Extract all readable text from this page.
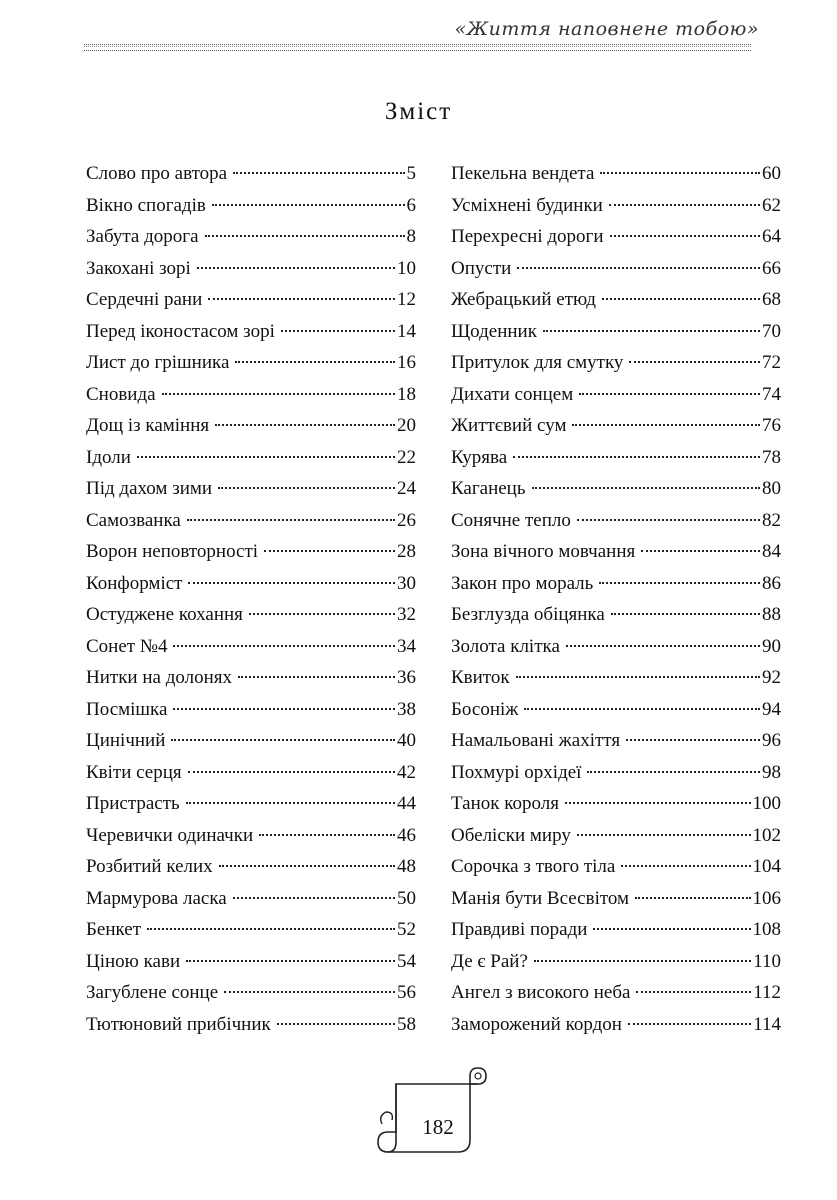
«Життя наповнене тобою»
Зміст
Слово про автора	5
Вікно спогадів	6
Забута дорога	8
Закохані зорі	10
Сердечні рани	12
Перед іконостасом зорі	14
Лист до грішника	16
Сновида	18
Дощ із каміння	20
Ідоли	22
Під дахом зими	24
Самозванка	26
Ворон неповторності	28
Конформіст	30
Остуджене кохання	32
Сонет №4	34
Нитки на долонях	36
Посмішка	38
Цинічний	40
Квіти серця	42
Пристрасть	44
Черевички одиначки	46
Розбитий келих	48
Мармурова ласка	50
Бенкет	52
Ціною кави	54
Загублене сонце	56
Тютюновий прибічник	58
Пекельна вендета	60
Усміхнені будинки	62
Перехресні дороги	64
Опусти	66
Жебрацький етюд	68
Щоденник	70
Притулок для смутку	72
Дихати сонцем	74
Життєвий сум	76
Курява	78
Каганець	80
Сонячне тепло	82
Зона вічного мовчання	84
Закон про мораль	86
Безглузда обіцянка	88
Золота клітка	90
Квиток	92
Босоніж	94
Намальовані жахіття	96
Похмурі орхідеї	98
Танок короля	100
Обеліски миру	102
Сорочка з твого тіла	104
Манія бути Всесвітом	106
Правдиві поради	108
Де є Рай?	110
Ангел з високого неба	112
Заморожений кордон	114
182
